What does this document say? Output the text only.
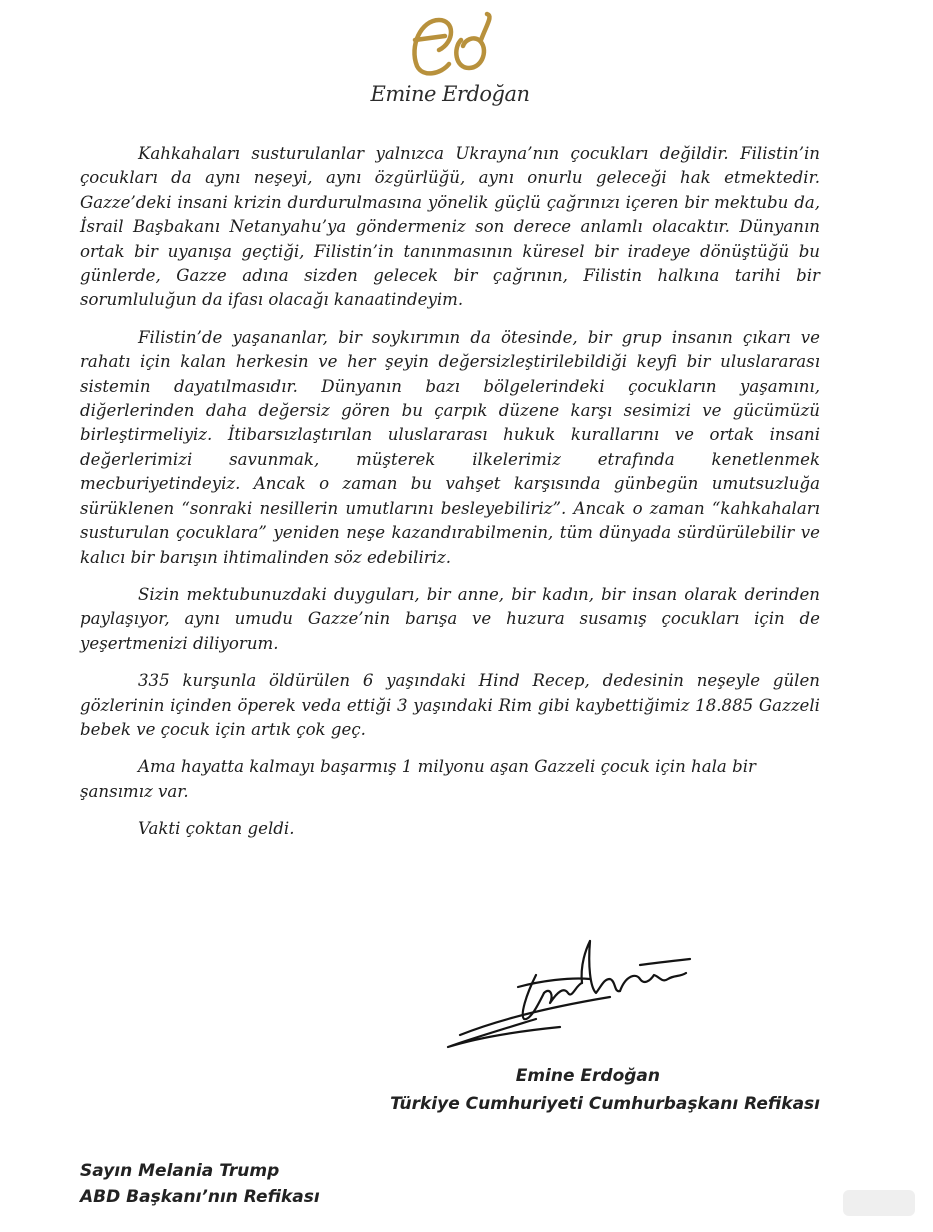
Emine Erdoğan

Kahkahaları susturulanlar yalnızca Ukrayna’nın çocukları değildir. Filistin’in çocukları da aynı neşeyi, aynı özgürlüğü, aynı onurlu geleceği hak etmektedir. Gazze’deki insani krizin durdurulmasına yönelik güçlü çağrınızı içeren bir mektubu da, İsrail Başbakanı Netanyahu’ya göndermeniz son derece anlamlı olacaktır. Dünyanın ortak bir uyanışa geçtiği, Filistin’in tanınmasının küresel bir iradeye dönüştüğü bu günlerde, Gazze adına sizden gelecek bir çağrının, Filistin halkına tarihi bir sorumluluğun da ifası olacağı kanaatindeyim.

Filistin’de yaşananlar, bir soykırımın da ötesinde, bir grup insanın çıkarı ve rahatı için kalan herkesin ve her şeyin değersizleştirilebildiği keyfi bir uluslararası sistemin dayatılmasıdır. Dünyanın bazı bölgelerindeki çocukların yaşamını, diğerlerinden daha değersiz gören bu çarpık düzene karşı sesimizi ve gücümüzü birleştirmeliyiz. İtibarsızlaştırılan uluslararası hukuk kurallarını ve ortak insani değerlerimizi savunmak, müşterek ilkelerimiz etrafında kenetlenmek mecburiyetindeyiz. Ancak o zaman bu vahşet karşısında günbegün umutsuzluğa sürüklenen “sonraki nesillerin umutlarını besleyebiliriz”. Ancak o zaman “kahkahaları susturulan çocuklara” yeniden neşe kazandırabilmenin, tüm dünyada sürdürülebilir ve kalıcı bir barışın ihtimalinden söz edebiliriz.

Sizin mektubunuzdaki duyguları, bir anne, bir kadın, bir insan olarak derinden paylaşıyor, aynı umudu Gazze’nin barışa ve huzura susamış çocukları için de yeşertmenizi diliyorum.

335 kurşunla öldürülen 6 yaşındaki Hind Recep, dedesinin neşeyle gülen gözlerinin içinden öperek veda ettiği 3 yaşındaki Rim gibi kaybettiğimiz 18.885 Gazzeli bebek ve çocuk için artık çok geç.

Ama hayatta kalmayı başarmış 1 milyonu aşan Gazzeli çocuk için hala bir şansımız var.

Vakti çoktan geldi.

Emine Erdoğan
Türkiye Cumhuriyeti Cumhurbaşkanı Refikası
Sayın Melania Trump
ABD Başkanı’nın Refikası
